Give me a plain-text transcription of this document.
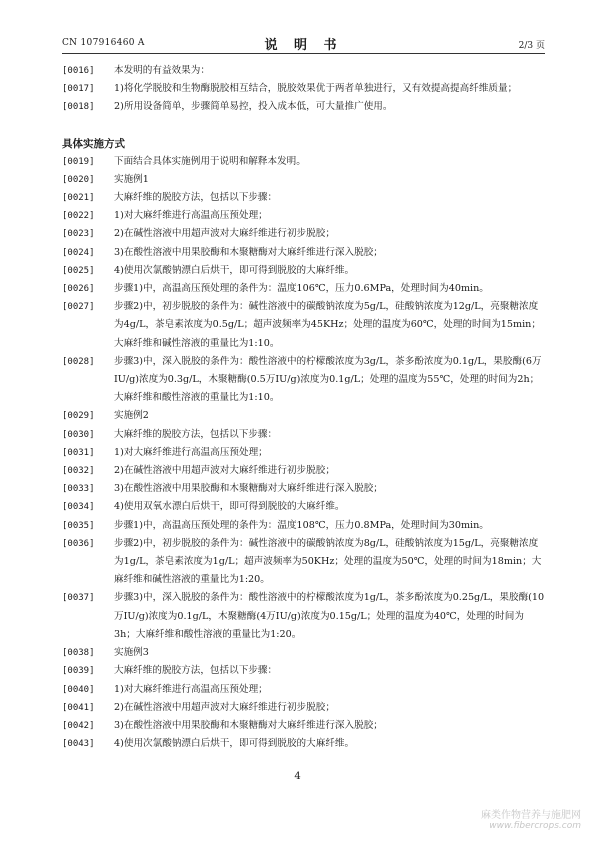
CN 107916460 A	说 明 书	2/3 页
[0016] 本发明的有益效果为：
[0017] 1)将化学脱胶和生物酶脱胶相互结合，脱胶效果优于两者单独进行，又有效提高提高纤维质量；
[0018] 2)所用设备简单，步骤简单易控，投入成本低，可大量推广使用。
具体实施方式
[0019] 下面结合具体实施例用于说明和解释本发明。
[0020] 实施例1
[0021] 大麻纤维的脱胶方法，包括以下步骤：
[0022] 1)对大麻纤维进行高温高压预处理；
[0023] 2)在碱性溶液中用超声波对大麻纤维进行初步脱胶；
[0024] 3)在酸性溶液中用果胶酶和木聚糖酶对大麻纤维进行深入脱胶；
[0025] 4)使用次氯酸钠漂白后烘干，即可得到脱胶的大麻纤维。
[0026] 步骤1)中，高温高压预处理的条件为：温度106℃，压力0.6MPa，处理时间为40min。
[0027] 步骤2)中，初步脱胶的条件为：碱性溶液中的碳酸钠浓度为5g/L，硅酸钠浓度为12g/L，亮聚糖浓度为4g/L，茶皂素浓度为0.5g/L；超声波频率为45KHz；处理的温度为60℃，处理的时间为15min；大麻纤维和碱性溶液的重量比为1:10。
[0028] 步骤3)中，深入脱胶的条件为：酸性溶液中的柠檬酸浓度为3g/L，茶多酚浓度为0.1g/L，果胶酶(6万IU/g)浓度为0.3g/L，木聚糖酶(0.5万IU/g)浓度为0.1g/L；处理的温度为55℃，处理的时间为2h；大麻纤维和酸性溶液的重量比为1:10。
[0029] 实施例2
[0030] 大麻纤维的脱胶方法，包括以下步骤：
[0031] 1)对大麻纤维进行高温高压预处理；
[0032] 2)在碱性溶液中用超声波对大麻纤维进行初步脱胶；
[0033] 3)在酸性溶液中用果胶酶和木聚糖酶对大麻纤维进行深入脱胶；
[0034] 4)使用双氧水漂白后烘干，即可得到脱胶的大麻纤维。
[0035] 步骤1)中，高温高压预处理的条件为：温度108℃，压力0.8MPa，处理时间为30min。
[0036] 步骤2)中，初步脱胶的条件为：碱性溶液中的碳酸钠浓度为8g/L，硅酸钠浓度为15g/L，亮聚糖浓度为1g/L，茶皂素浓度为1g/L；超声波频率为50KHz；处理的温度为50℃，处理的时间为18min；大麻纤维和碱性溶液的重量比为1:20。
[0037] 步骤3)中，深入脱胶的条件为：酸性溶液中的柠檬酸浓度为1g/L，茶多酚浓度为0.25g/L，果胶酶(10万IU/g)浓度为0.1g/L，木聚糖酶(4万IU/g)浓度为0.15g/L；处理的温度为40℃，处理的时间为3h；大麻纤维和酸性溶液的重量比为1:20。
[0038] 实施例3
[0039] 大麻纤维的脱胶方法，包括以下步骤：
[0040] 1)对大麻纤维进行高温高压预处理；
[0041] 2)在碱性溶液中用超声波对大麻纤维进行初步脱胶；
[0042] 3)在酸性溶液中用果胶酶和木聚糖酶对大麻纤维进行深入脱胶；
[0043] 4)使用次氯酸钠漂白后烘干，即可得到脱胶的大麻纤维。
4
麻类作物营养与施肥网
www.fibercrops.com
